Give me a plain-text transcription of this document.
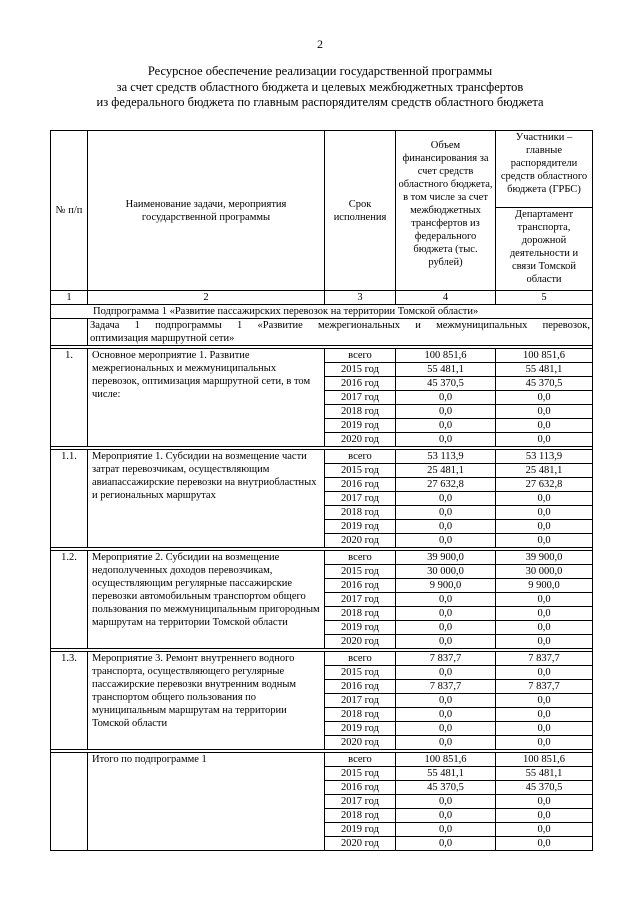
2
Ресурсное обеспечение реализации государственной программы
за счет средств областного бюджета и целевых межбюджетных трансфертов
из федерального бюджета по главным распорядителям средств областного бюджета
№ п/п	Наименование задачи, мероприятия государственной программы	Срок исполнения	Объем финансирования за счет средств областного бюджета, в том числе за счет межбюджетных трансфертов из федерального бюджета (тыс. рублей)	Участники – главные распорядители средств областного бюджета (ГРБС)
				Департамент транспорта, дорожной деятельности и связи Томской области
1	2	3	4	5
Подпрограмма 1 «Развитие пассажирских перевозок на территории Томской области»				

	Задача 1 подпрограммы 1 «Развитие межрегиональных и межмуниципальных перевозок,
оптимизация маршрутной сети»			

1.	Основное мероприятие 1. Развитие межрегиональных и межмуниципальных перевозок, оптимизация маршрутной сети, в том числе:	всего	100 851,6	100 851,6
		2015 год	55 481,1	55 481,1
		2016 год	45 370,5	45 370,5
		2017 год	0,0	0,0
		2018 год	0,0	0,0
		2019 год	0,0	0,0
		2020 год	0,0	0,0

1.1.	Мероприятие 1. Субсидии на возмещение части затрат перевозчикам, осуществляющим авиапассажирские перевозки на внутриобластных и региональных маршрутах	всего	53 113,9	53 113,9
		2015 год	25 481,1	25 481,1
		2016 год	27 632,8	27 632,8
		2017 год	0,0	0,0
		2018 год	0,0	0,0
		2019 год	0,0	0,0
		2020 год	0,0	0,0

1.2.	Мероприятие 2. Субсидии на возмещение недополученных доходов перевозчикам, осуществляющим регулярные пассажирские перевозки автомобильным транспортом общего пользования по межмуниципальным пригородным маршрутам на территории Томской области	всего	39 900,0	39 900,0
		2015 год	30 000,0	30 000,0
		2016 год	9 900,0	9 900,0
		2017 год	0,0	0,0
		2018 год	0,0	0,0
		2019 год	0,0	0,0
		2020 год	0,0	0,0

1.3.	Мероприятие 3. Ремонт внутреннего водного транспорта, осуществляющего регулярные пассажирские перевозки внутренним водным транспортом общего пользования по муниципальным маршрутам на территории Томской области	всего	7 837,7	7 837,7
		2015 год	0,0	0,0
		2016 год	7 837,7	7 837,7
		2017 год	0,0	0,0
		2018 год	0,0	0,0
		2019 год	0,0	0,0
		2020 год	0,0	0,0

	Итого по подпрограмме 1	всего	100 851,6	100 851,6
		2015 год	55 481,1	55 481,1
		2016 год	45 370,5	45 370,5
		2017 год	0,0	0,0
		2018 год	0,0	0,0
		2019 год	0,0	0,0
		2020 год	0,0	0,0
